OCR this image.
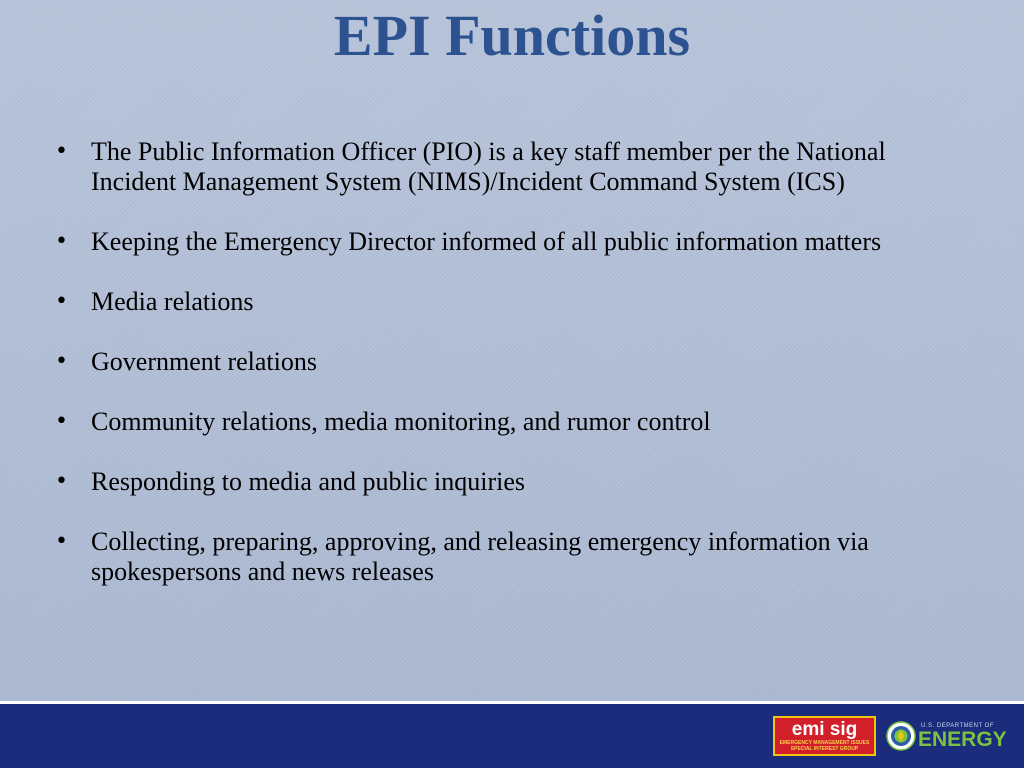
EPI Functions
• The Public Information Officer (PIO) is a key staff member per the National Incident Management System (NIMS)/Incident Command System (ICS)
• Keeping the Emergency Director informed of all public information matters
• Media relations
• Government relations
• Community relations, media monitoring, and rumor control
• Responding to media and public inquiries
• Collecting, preparing, approving, and releasing emergency information via spokespersons and news releases
emi sig
EMERGENCY MANAGEMENT ISSUES
SPECIAL INTEREST GROUP
U.S. DEPARTMENT OF
ENERGY
